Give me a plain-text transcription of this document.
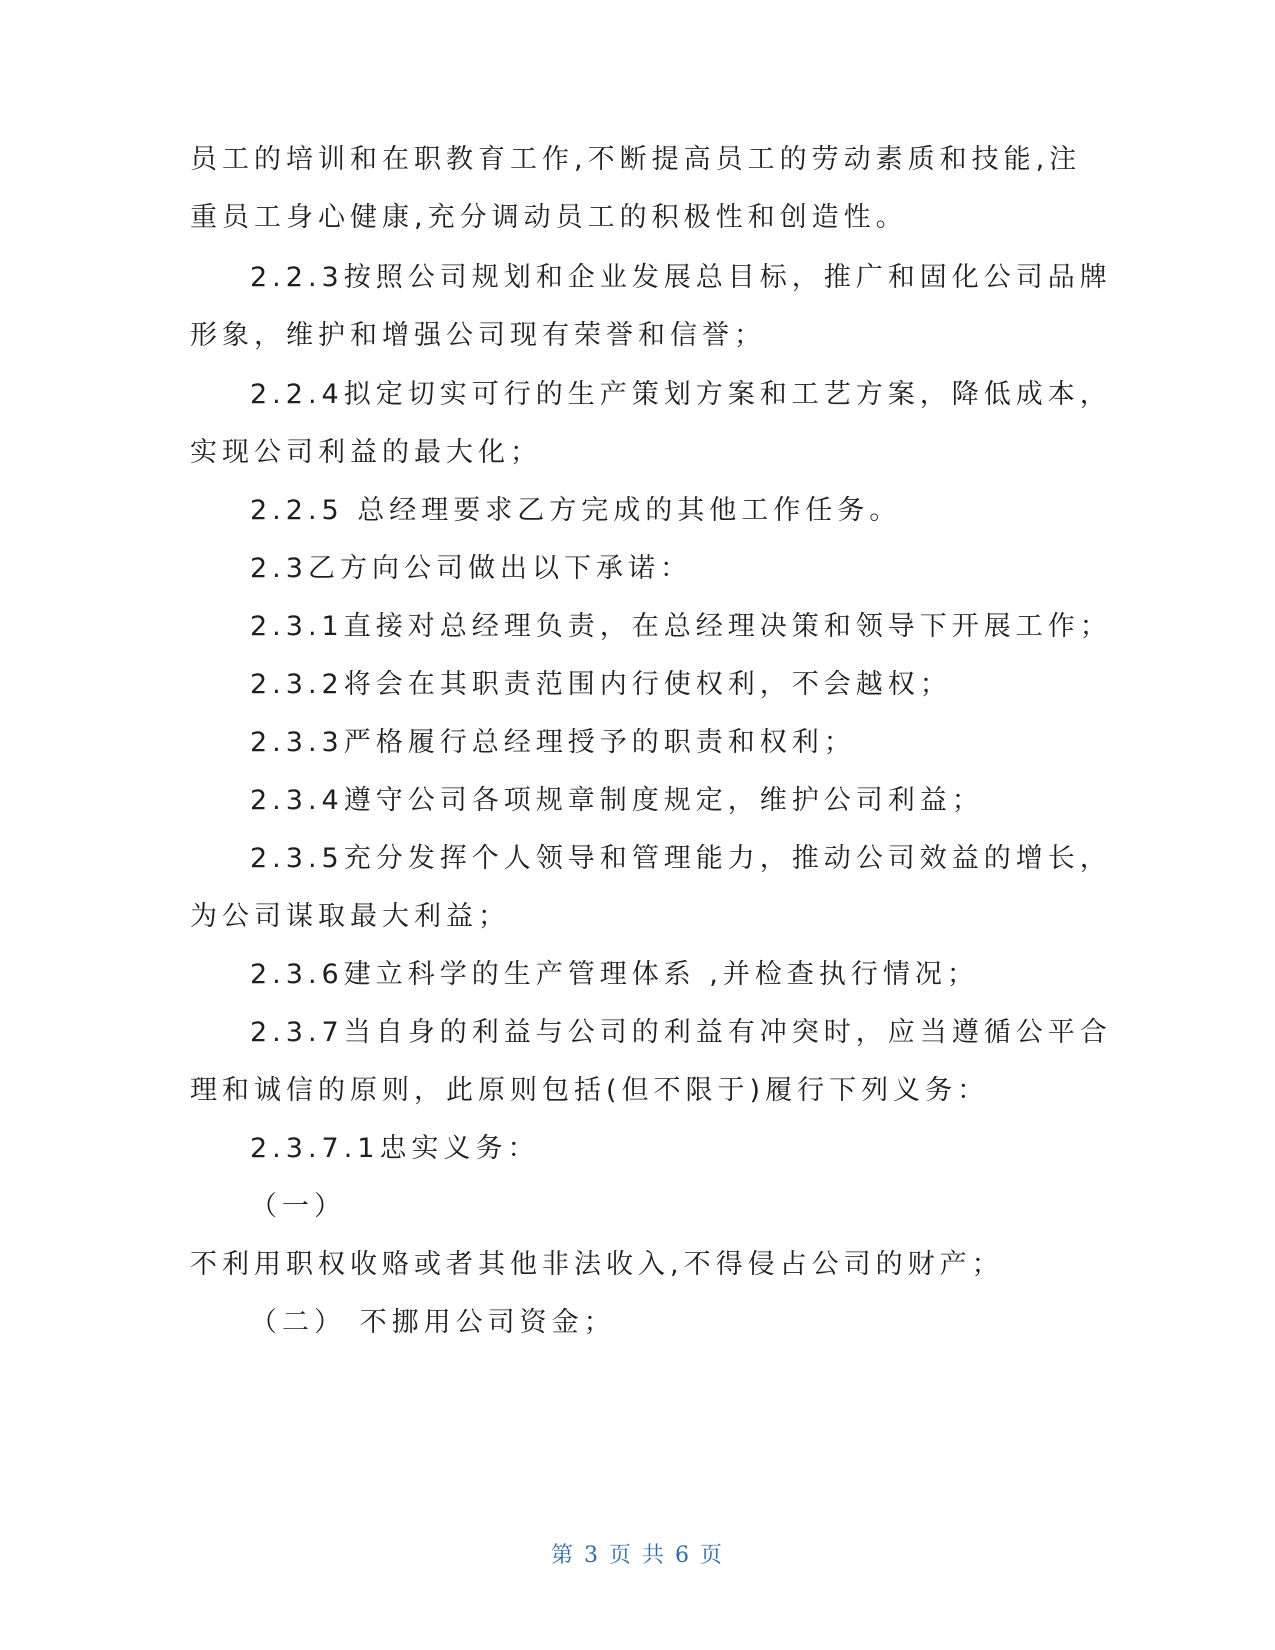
员工的培训和在职教育工作,不断提高员工的劳动素质和技能,注
重员工身心健康,充分调动员工的积极性和创造性。
2.2.3按照公司规划和企业发展总目标，推广和固化公司品牌
形象，维护和增强公司现有荣誉和信誉；
2.2.4拟定切实可行的生产策划方案和工艺方案，降低成本，
实现公司利益的最大化；
2.2.5 总经理要求乙方完成的其他工作任务。
2.3乙方向公司做出以下承诺：
2.3.1直接对总经理负责，在总经理决策和领导下开展工作；
2.3.2将会在其职责范围内行使权利，不会越权；
2.3.3严格履行总经理授予的职责和权利；
2.3.4遵守公司各项规章制度规定，维护公司利益；
2.3.5充分发挥个人领导和管理能力，推动公司效益的增长，
为公司谋取最大利益；
2.3.6建立科学的生产管理体系 ,并检查执行情况；
2.3.7当自身的利益与公司的利益有冲突时，应当遵循公平合
理和诚信的原则，此原则包括(但不限于)履行下列义务：
2.3.7.1忠实义务：
（一）
不利用职权收赂或者其他非法收入,不得侵占公司的财产；
（二） 不挪用公司资金；
第 3 页 共 6 页
